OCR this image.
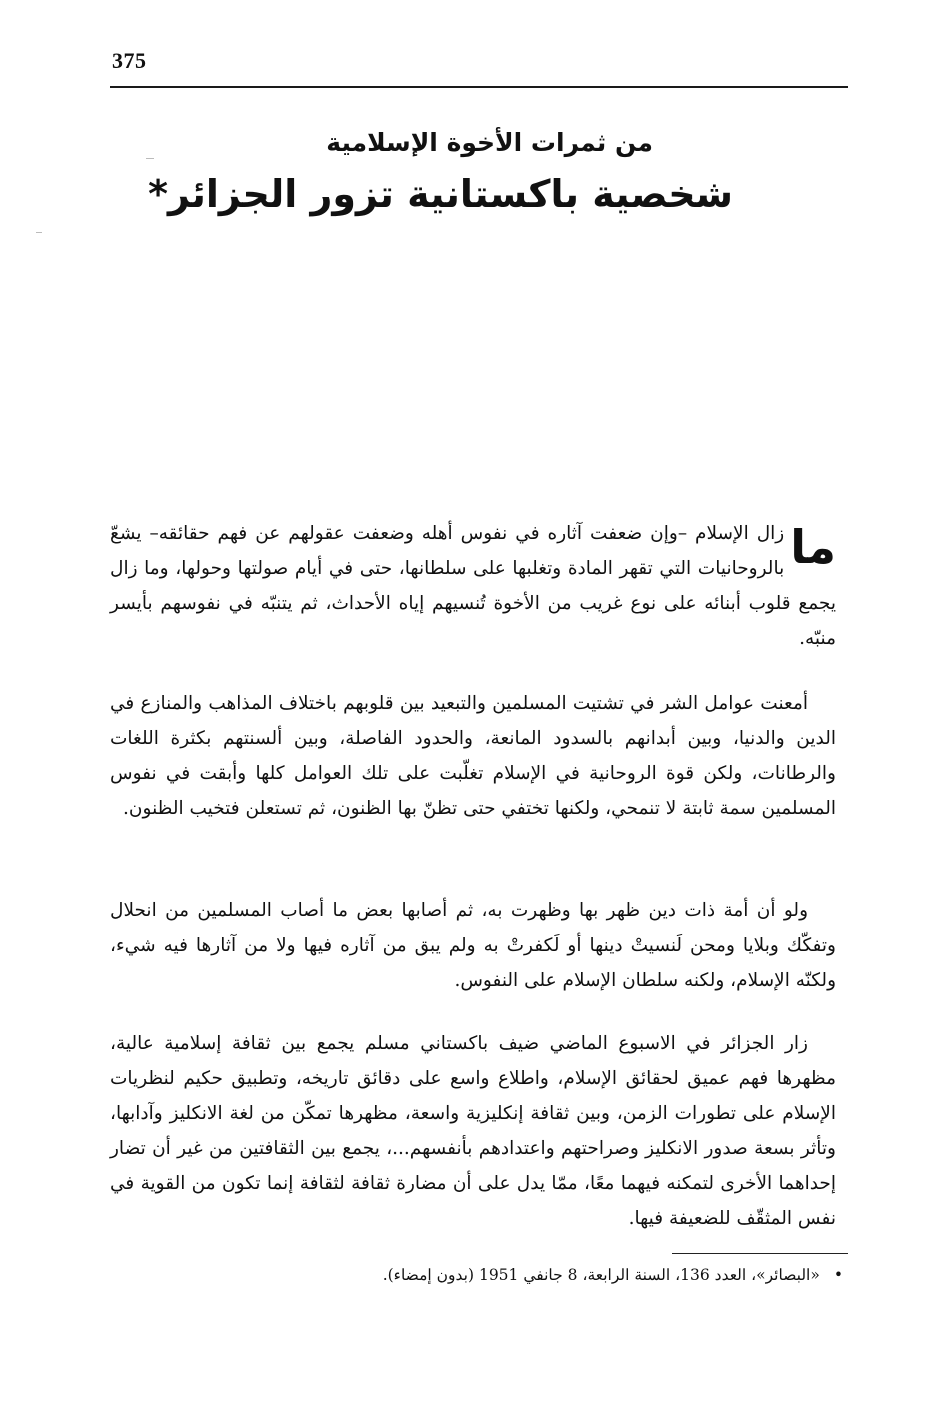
375
من ثمرات الأخوة الإسلامية
شخصية باكستانية تزور الجزائر*
ما
زال الإسلام –وإن ضعفت آثاره في نفوس أهله وضعفت عقولهم عن فهم حقائقه– يشعّ بالروحانيات التي تقهر المادة وتغلبها على سلطانها، حتى في أيام صولتها وحولها، وما زال يجمع قلوب أبنائه على نوع غريب من الأخوة تُنسيهم إياه الأحداث، ثم يتنبّه في نفوسهم بأيسر منبّه.
أمعنت عوامل الشر في تشتيت المسلمين والتبعيد بين قلوبهم باختلاف المذاهب والمنازع في الدين والدنيا، وبين أبدانهم بالسدود المانعة، والحدود الفاصلة، وبين ألسنتهم بكثرة اللغات والرطانات، ولكن قوة الروحانية في الإسلام تغلّبت على تلك العوامل كلها وأبقت في نفوس المسلمين سمة ثابتة لا تنمحي، ولكنها تختفي حتى تظنّ بها الظنون، ثم تستعلن فتخيب الظنون.
ولو أن أمة ذات دين ظهر بها وظهرت به، ثم أصابها بعض ما أصاب المسلمين من انحلال وتفكّك وبلايا ومحن لَنسيتْ دينها أو لَكفرتْ به ولم يبق من آثاره فيها ولا من آثارها فيه شيء، ولكنّه الإسلام، ولكنه سلطان الإسلام على النفوس.
زار الجزائر في الاسبوع الماضي ضيف باكستاني مسلم يجمع بين ثقافة إسلامية عالية، مظهرها فهم عميق لحقائق الإسلام، واطلاع واسع على دقائق تاريخه، وتطبيق حكيم لنظريات الإسلام على تطورات الزمن، وبين ثقافة إنكليزية واسعة، مظهرها تمكّن من لغة الانكليز وآدابها، وتأثر بسعة صدور الانكليز وصراحتهم واعتدادهم بأنفسهم...، يجمع بين الثقافتين من غير أن تضار إحداهما الأخرى لتمكنه فيهما معًا، ممّا يدل على أن مضارة ثقافة لثقافة إنما تكون من القوية في نفس المثقّف للضعيفة فيها.
•«البصائر»، العدد 136، السنة الرابعة، 8 جانفي 1951 (بدون إمضاء).
